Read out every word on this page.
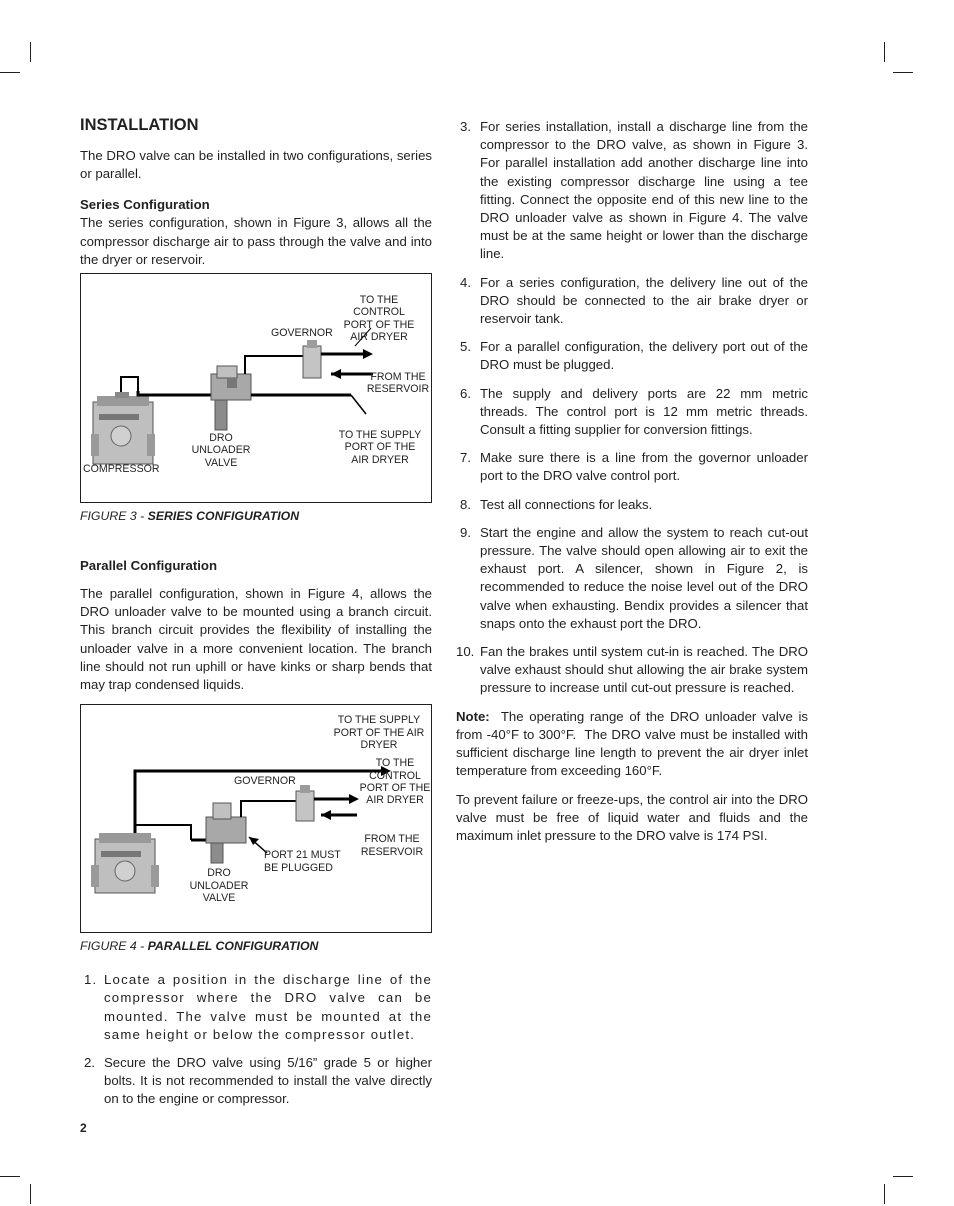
INSTALLATION

The DRO valve can be installed in two configurations, series or parallel.

Series Configuration

The series configuration, shown in Figure 3, allows all the compressor discharge air to pass through the valve and into the dryer or reservoir.

TO THE CONTROL PORT OF THE AIR DRYER
GOVERNOR
FROM THE RESERVOIR
TO THE SUPPLY PORT OF THE AIR DRYER
DRO UNLOADER VALVE
COMPRESSOR
FIGURE 3 - SERIES CONFIGURATION
Parallel Configuration

The parallel configuration, shown in Figure 4, allows the DRO unloader valve to be mounted using a branch circuit. This branch circuit provides the flexibility of installing the unloader valve in a more convenient location. The branch line should not run uphill or have kinks or sharp bends that may trap condensed liquids.

TO THE SUPPLY PORT OF THE AIR DRYER
TO THE CONTROL PORT OF THE AIR DRYER
GOVERNOR
FROM THE RESERVOIR
PORT 21 MUST BE PLUGGED
DRO UNLOADER VALVE
FIGURE 4 - PARALLEL CONFIGURATION
1. Locate a position in the discharge line of the compressor where the DRO valve can be mounted. The valve must be mounted at the same height or below the compressor outlet.
2. Secure the DRO valve using 5/16” grade 5 or higher bolts. It is not recommended to install the valve directly on to the engine or compressor.
3. For series installation, install a discharge line from the compressor to the DRO valve, as shown in Figure 3. For parallel installation add another discharge line into the existing compressor discharge line using a tee fitting. Connect the opposite end of this new line to the DRO unloader valve as shown in Figure 4. The valve must be at the same height or lower than the discharge line.
4. For a series configuration, the delivery line out of the DRO should be connected to the air brake dryer or reservoir tank.
5. For a parallel configuration, the delivery port out of the DRO must be plugged.
6. The supply and delivery ports are 22 mm metric threads. The control port is 12 mm metric threads. Consult a fitting supplier for conversion fittings.
7. Make sure there is a line from the governor unloader port to the DRO valve control port.
8. Test all connections for leaks.
9. Start the engine and allow the system to reach cut-out pressure. The valve should open allowing air to exit the exhaust port. A silencer, shown in Figure 2, is recommended to reduce the noise level out of the DRO valve when exhausting. Bendix provides a silencer that snaps onto the exhaust port the DRO.
10. Fan the brakes until system cut-in is reached. The DRO valve exhaust should shut allowing the air brake system pressure to increase until cut-out pressure is reached.

Note:  The operating range of the DRO unloader valve is from -40°F to 300°F.  The DRO valve must be installed with sufficient discharge line length to prevent the air dryer inlet temperature from exceeding 160°F.

To prevent failure or freeze-ups, the control air into the DRO valve must be free of liquid water and fluids and the maximum inlet pressure to the DRO valve is 174 PSI.

2
